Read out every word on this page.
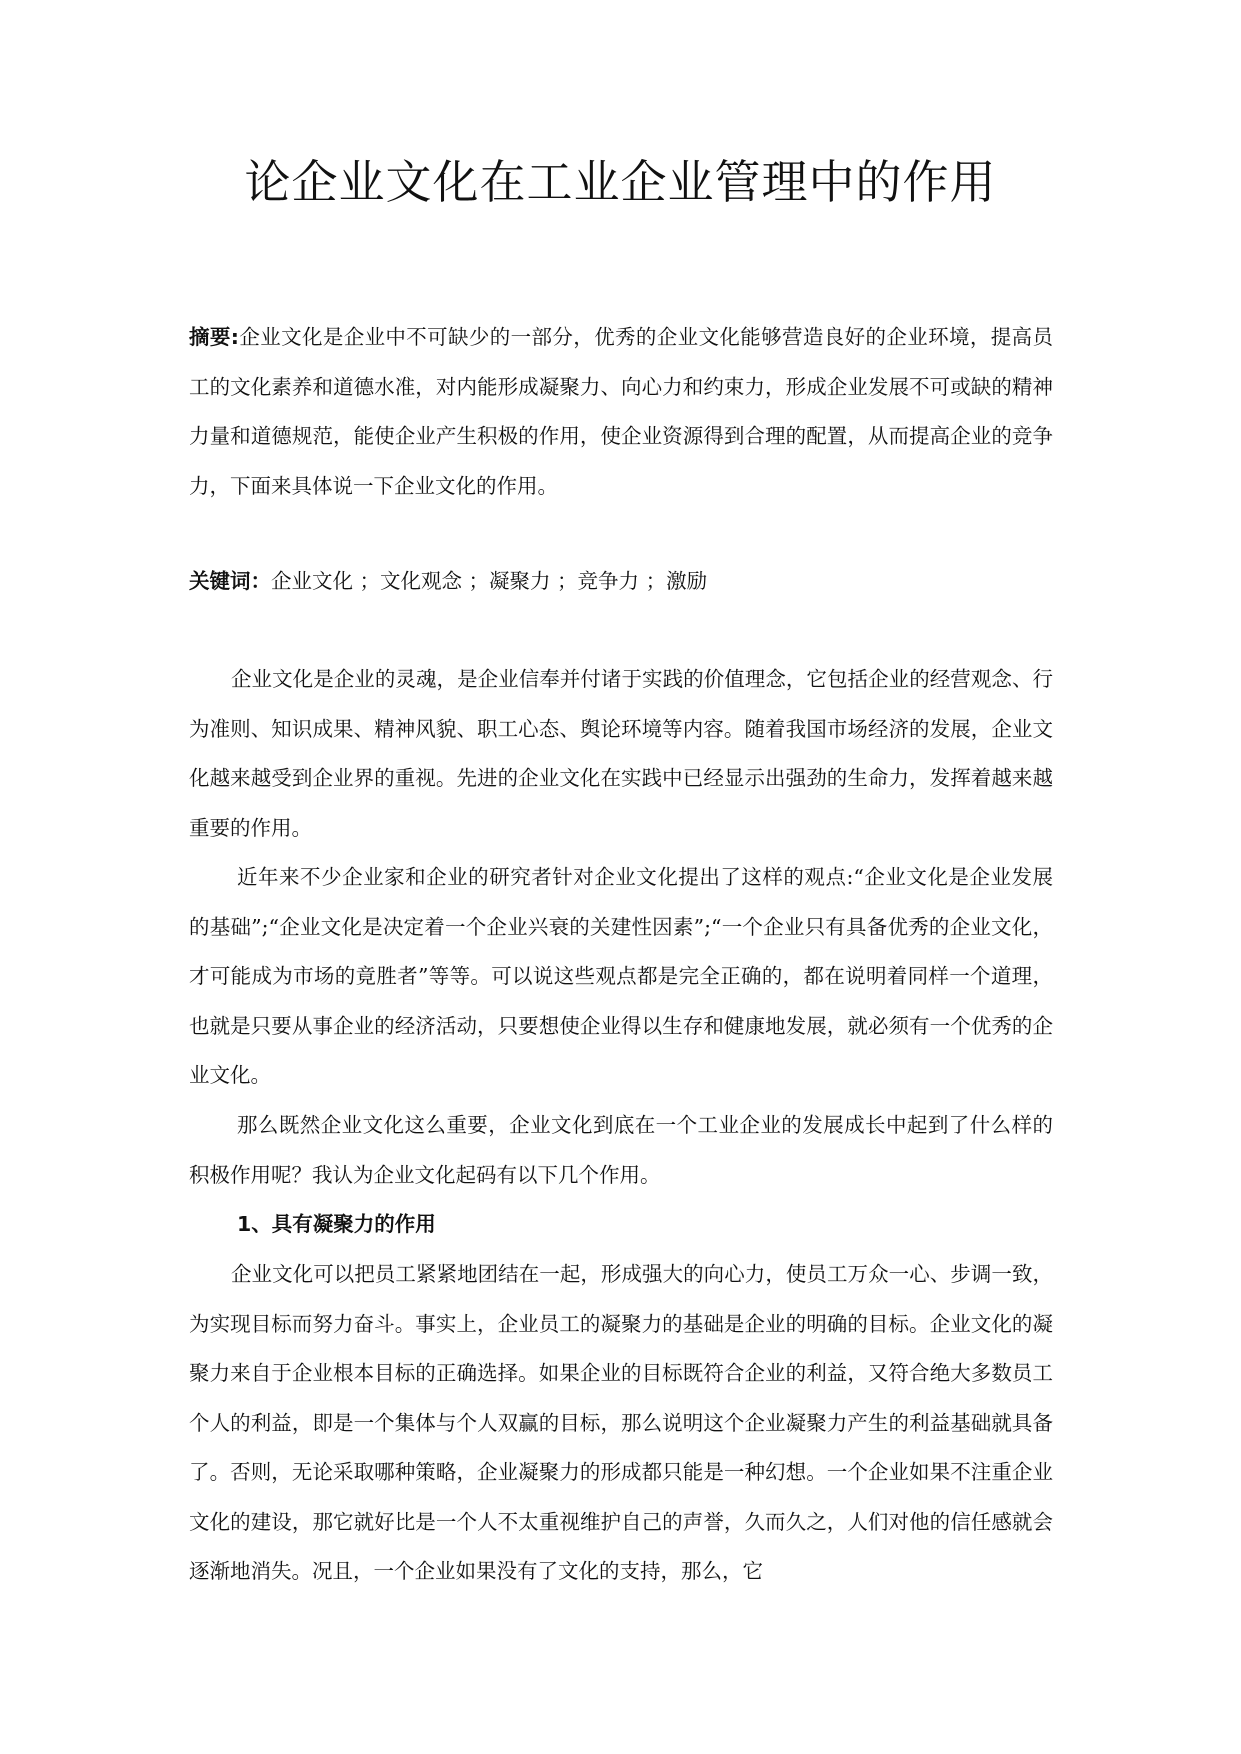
论企业文化在工业企业管理中的作用

摘要:企业文化是企业中不可缺少的一部分，优秀的企业文化能够营造良好的企业环境，提高员工的文化素养和道德水准，对内能形成凝聚力、向心力和约束力，形成企业发展不可或缺的精神力量和道德规范，能使企业产生积极的作用，使企业资源得到合理的配置，从而提高企业的竞争力，下面来具体说一下企业文化的作用。

关键词：企业文化 ；文化观念 ；凝聚力 ；竞争力 ；激励

企业文化是企业的灵魂，是企业信奉并付诸于实践的价值理念，它包括企业的经营观念、行为准则、知识成果、精神风貌、职工心态、舆论环境等内容。随着我国市场经济的发展，企业文化越来越受到企业界的重视。先进的企业文化在实践中已经显示出强劲的生命力，发挥着越来越重要的作用。

近年来不少企业家和企业的研究者针对企业文化提出了这样的观点:“企业文化是企业发展的基础”;“企业文化是决定着一个企业兴衰的关建性因素”;“一个企业只有具备优秀的企业文化，才可能成为市场的竟胜者”等等。可以说这些观点都是完全正确的，都在说明着同样一个道理，也就是只要从事企业的经济活动，只要想使企业得以生存和健康地发展，就必须有一个优秀的企业文化。

那么既然企业文化这么重要，企业文化到底在一个工业企业的发展成长中起到了什么样的积极作用呢？我认为企业文化起码有以下几个作用。

1、具有凝聚力的作用

企业文化可以把员工紧紧地团结在一起，形成强大的向心力，使员工万众一心、步调一致，为实现目标而努力奋斗。事实上，企业员工的凝聚力的基础是企业的明确的目标。企业文化的凝聚力来自于企业根本目标的正确选择。如果企业的目标既符合企业的利益，又符合绝大多数员工个人的利益，即是一个集体与个人双赢的目标，那么说明这个企业凝聚力产生的利益基础就具备了。否则，无论采取哪种策略，企业凝聚力的形成都只能是一种幻想。一个企业如果不注重企业文化的建设，那它就好比是一个人不太重视维护自己的声誉，久而久之，人们对他的信任感就会逐渐地消失。况且，一个企业如果没有了文化的支持，那么，它
